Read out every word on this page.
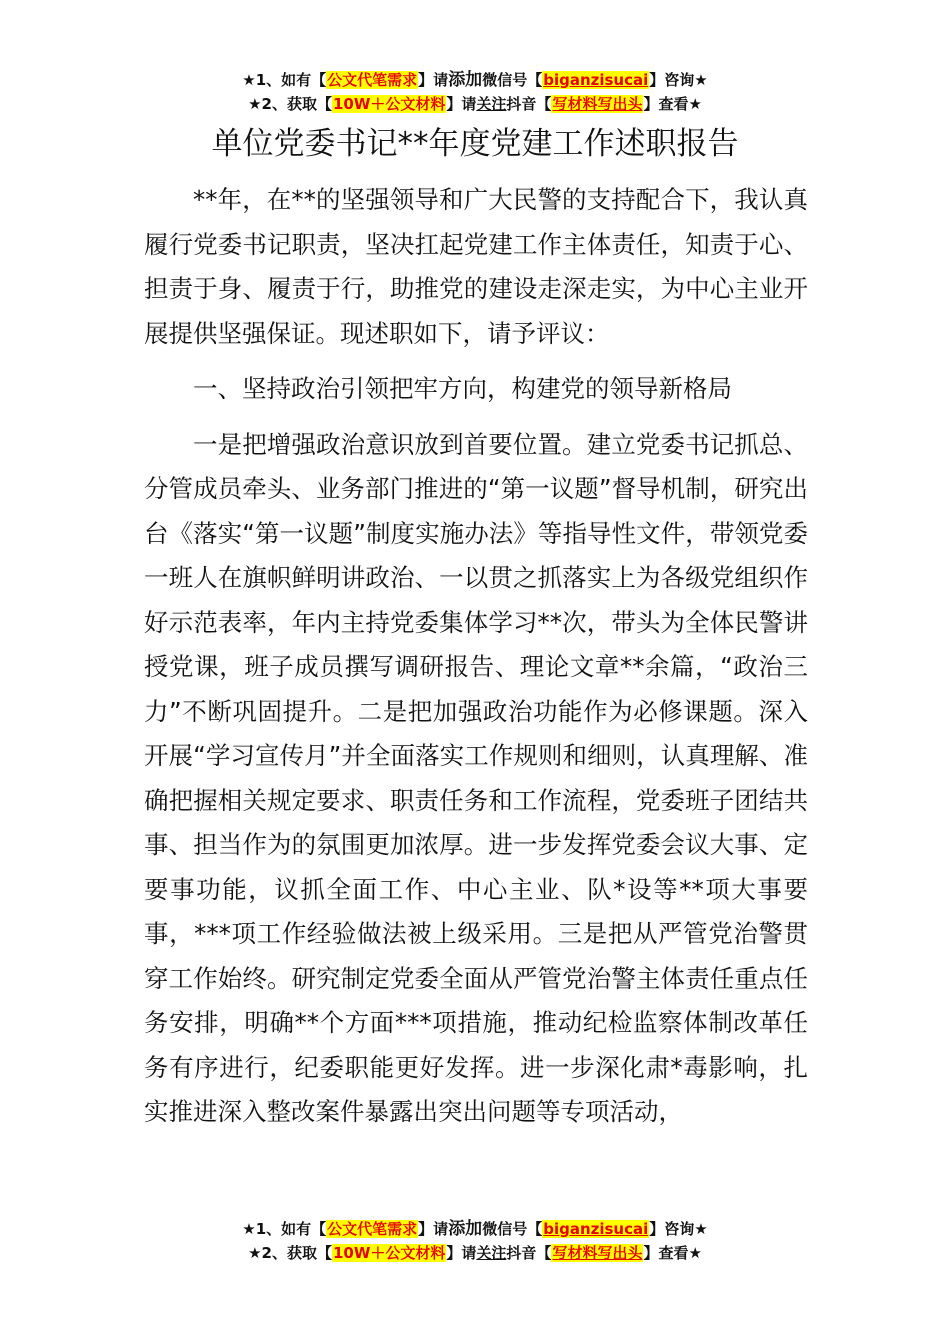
★1、如有【公文代笔需求】请添加微信号【biganzisucai】咨询★
★2、获取【10W＋公文材料】请关注抖音【写材料写出头】查看★
单位党委书记**年度党建工作述职报告

**年，在**的坚强领导和广大民警的支持配合下，我认真履行党委书记职责，坚决扛起党建工作主体责任，知责于心、担责于身、履责于行，助推党的建设走深走实，为中心主业开展提供坚强保证。现述职如下，请予评议：

一、坚持政治引领把牢方向，构建党的领导新格局

一是把增强政治意识放到首要位置。建立党委书记抓总、分管成员牵头、业务部门推进的“第一议题”督导机制，研究出台《落实“第一议题”制度实施办法》等指导性文件，带领党委一班人在旗帜鲜明讲政治、一以贯之抓落实上为各级党组织作好示范表率，年内主持党委集体学习**次，带头为全体民警讲授党课，班子成员撰写调研报告、理论文章**余篇，“政治三力”不断巩固提升。二是把加强政治功能作为必修课题。深入开展“学习宣传月”并全面落实工作规则和细则，认真理解、准确把握相关规定要求、职责任务和工作流程，党委班子团结共事、担当作为的氛围更加浓厚。进一步发挥党委会议大事、定要事功能，议抓全面工作、中心主业、队*设等**项大事要事，***项工作经验做法被上级采用。三是把从严管党治警贯穿工作始终。研究制定党委全面从严管党治警主体责任重点任务安排，明确**个方面***项措施，推动纪检监察体制改革任务有序进行，纪委职能更好发挥。进一步深化肃*毒影响，扎实推进深入整改案件暴露出突出问题等专项活动，

★1、如有【公文代笔需求】请添加微信号【biganzisucai】咨询★
★2、获取【10W＋公文材料】请关注抖音【写材料写出头】查看★
